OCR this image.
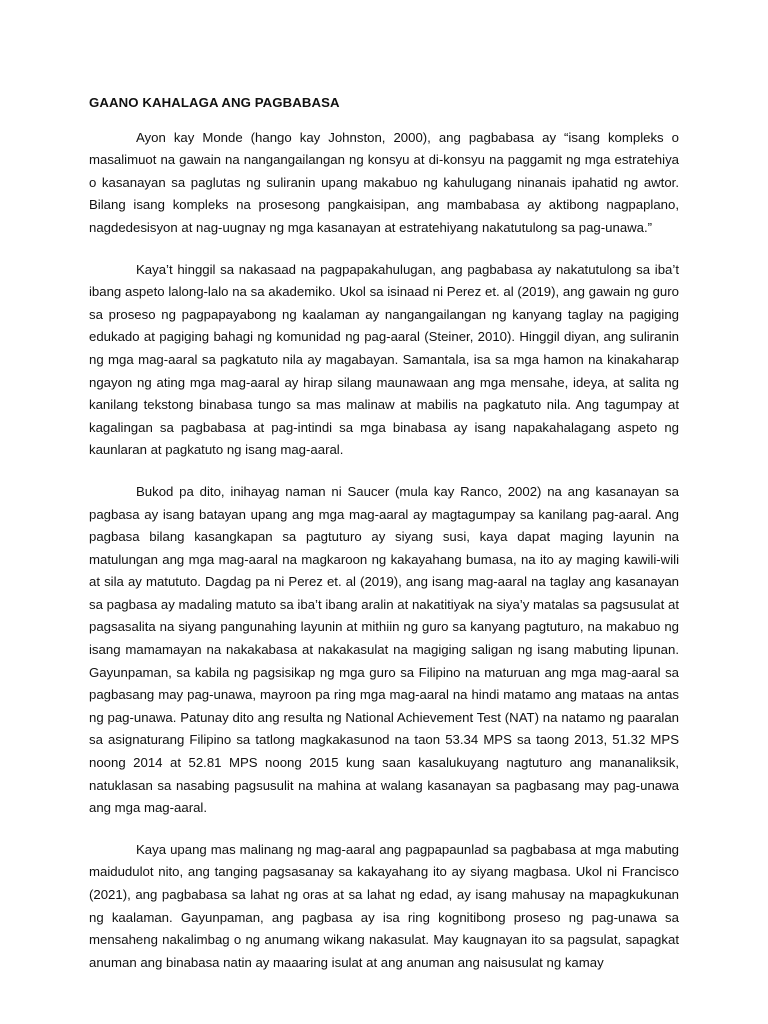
GAANO KAHALAGA ANG PAGBABASA

Ayon kay Monde (hango kay Johnston, 2000), ang pagbabasa ay “isang kompleks o masalimuot na gawain na nangangailangan ng konsyu at di-konsyu na paggamit ng mga estratehiya o kasanayan sa paglutas ng suliranin upang makabuo ng kahulugang ninanais ipahatid ng awtor. Bilang isang kompleks na prosesong pangkaisipan, ang mambabasa ay aktibong nagpaplano, nagdedesisyon at nag-uugnay ng mga kasanayan at estratehiyang nakatutulong sa pag-unawa.”

Kaya’t hinggil sa nakasaad na pagpapakahulugan, ang pagbabasa ay nakatutulong sa iba’t ibang aspeto lalong-lalo na sa akademiko. Ukol sa isinaad ni Perez et. al (2019), ang gawain ng guro sa proseso ng pagpapayabong ng kaalaman ay nangangailangan ng kanyang taglay na pagiging edukado at pagiging bahagi ng komunidad ng pag-aaral (Steiner, 2010). Hinggil diyan, ang suliranin ng mga mag-aaral sa pagkatuto nila ay magabayan. Samantala, isa sa mga hamon na kinakaharap ngayon ng ating mga mag-aaral ay hirap silang maunawaan ang mga mensahe, ideya, at salita ng kanilang tekstong binabasa tungo sa mas malinaw at mabilis na pagkatuto nila. Ang tagumpay at kagalingan sa pagbabasa at pag-intindi sa mga binabasa ay isang napakahalagang aspeto ng kaunlaran at pagkatuto ng isang mag-aaral.

Bukod pa dito, inihayag naman ni Saucer (mula kay Ranco, 2002) na ang kasanayan sa pagbasa ay isang batayan upang ang mga mag-aaral ay magtagumpay sa kanilang pag-aaral. Ang pagbasa bilang kasangkapan sa pagtuturo ay siyang susi, kaya dapat maging layunin na matulungan ang mga mag-aaral na magkaroon ng kakayahang bumasa, na ito ay maging kawili-wili at sila ay matututo. Dagdag pa ni Perez et. al (2019), ang isang mag-aaral na taglay ang kasanayan sa pagbasa ay madaling matuto sa iba’t ibang aralin at nakatitiyak na siya’y matalas sa pagsusulat at pagsasalita na siyang pangunahing layunin at mithiin ng guro sa kanyang pagtuturo, na makabuo ng isang mamamayan na nakakabasa at nakakasulat na magiging saligan ng isang mabuting lipunan. Gayunpaman, sa kabila ng pagsisikap ng mga guro sa Filipino na maturuan ang mga mag-aaral sa pagbasang may pag-unawa, mayroon pa ring mga mag-aaral na hindi matamo ang mataas na antas ng pag-unawa. Patunay dito ang resulta ng National Achievement Test (NAT) na natamo ng paaralan sa asignaturang Filipino sa tatlong magkakasunod na taon 53.34 MPS sa taong 2013, 51.32 MPS noong 2014 at 52.81 MPS noong 2015 kung saan kasalukuyang nagtuturo ang mananaliksik, natuklasan sa nasabing pagsusulit na mahina at walang kasanayan sa pagbasang may pag-unawa ang mga mag-aaral.

Kaya upang mas malinang ng mag-aaral ang pagpapaunlad sa pagbabasa at mga mabuting maidudulot nito, ang tanging pagsasanay sa kakayahang ito ay siyang magbasa. Ukol ni Francisco (2021), ang pagbabasa sa lahat ng oras at sa lahat ng edad, ay isang mahusay na mapagkukunan ng kaalaman. Gayunpaman, ang pagbasa ay isa ring kognitibong proseso ng pag-unawa sa mensaheng nakalimbag o ng anumang wikang nakasulat. May kaugnayan ito sa pagsulat, sapagkat anuman ang binabasa natin ay maaaring isulat at ang anuman ang naisusulat ng kamay
